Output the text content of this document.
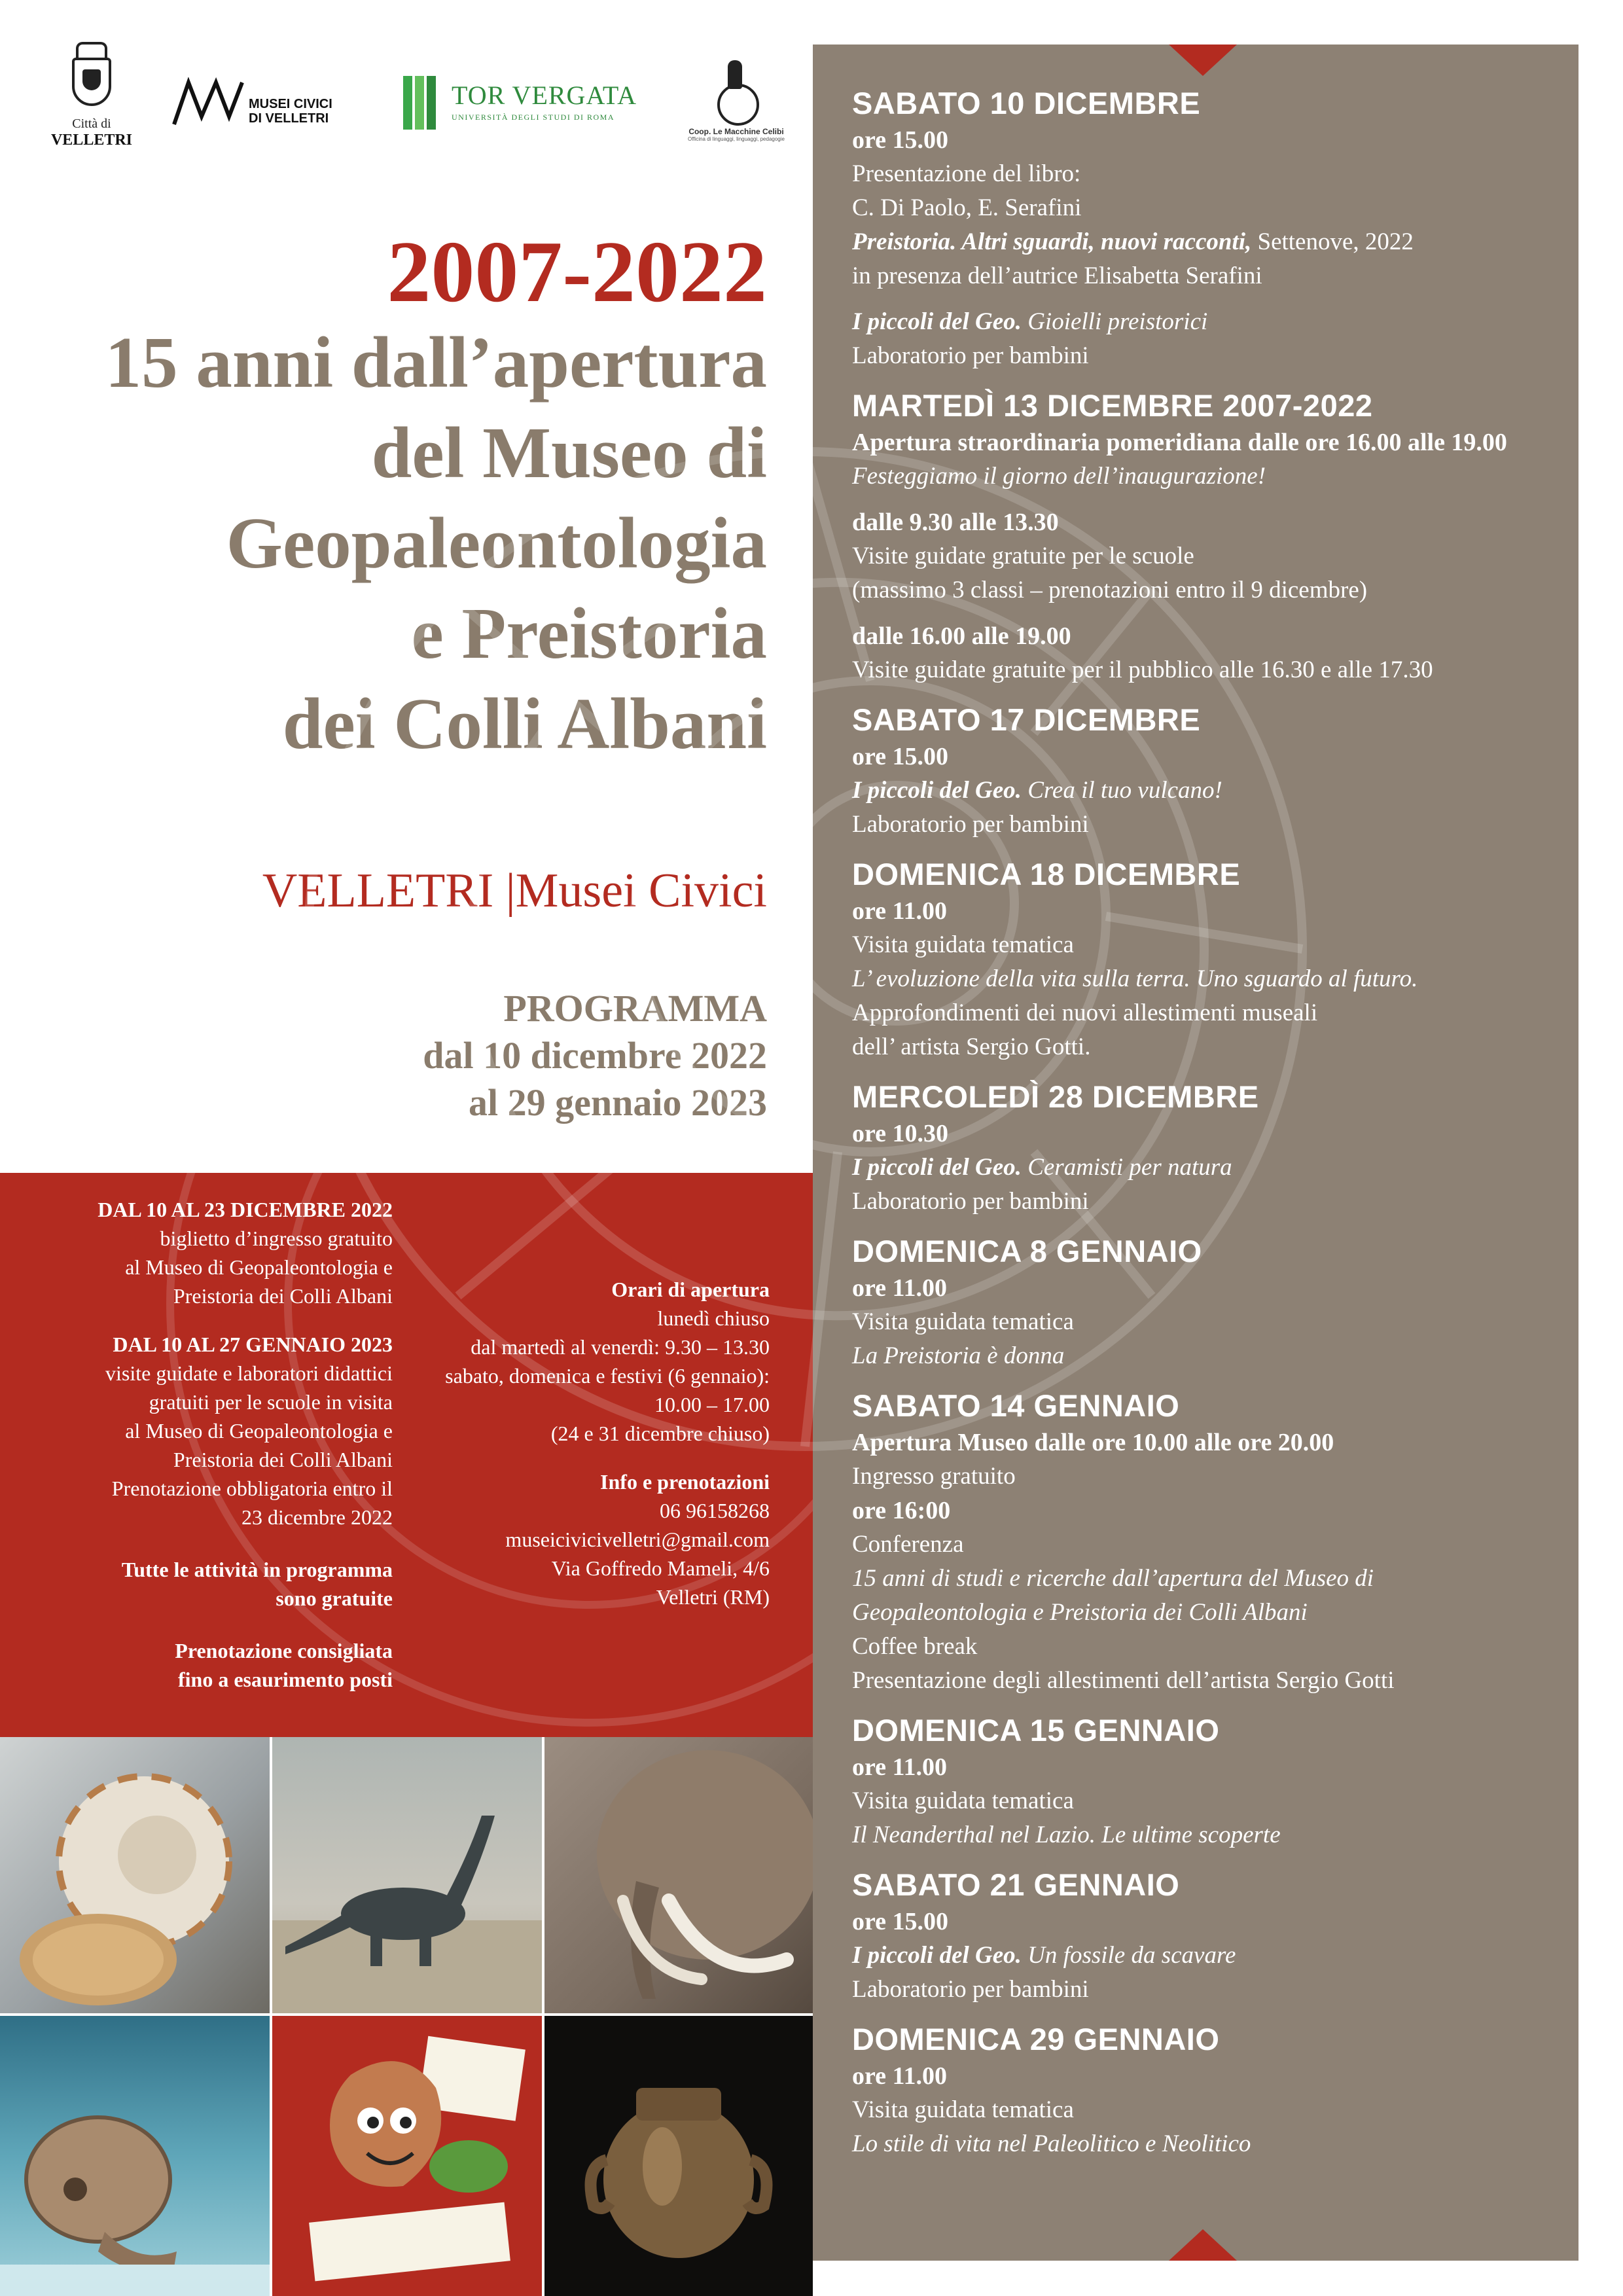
Città di
VELLETRI
MUSEI CIVICI
DI VELLETRI
TOR VERGATA
UNIVERSITÀ DEGLI STUDI DI ROMA
Coop. Le Macchine Celibi
Officina di linguaggi, linguaggi, pedagogie
2007-2022
15 anni dall’apertura
del Museo di
Geopaleontologia
e Preistoria
dei Colli Albani
VELLETRI |Musei Civici
PROGRAMMA
dal 10 dicembre 2022
al 29 gennaio 2023
SABATO 10 DICEMBRE
ore 15.00
Presentazione del libro:
C. Di Paolo, E. Serafini
Preistoria. Altri sguardi, nuovi racconti, Settenove, 2022
in presenza dell’autrice Elisabetta Serafini
I piccoli del Geo. Gioielli preistorici
Laboratorio per bambini
MARTEDÌ 13 DICEMBRE 2007-2022
Apertura straordinaria pomeridiana dalle ore 16.00 alle 19.00
Festeggiamo il giorno dell’inaugurazione!
dalle 9.30 alle 13.30
Visite guidate gratuite per le scuole
(massimo 3 classi – prenotazioni entro il 9 dicembre)
dalle 16.00 alle 19.00
Visite guidate gratuite per il pubblico alle 16.30 e alle 17.30
SABATO 17 DICEMBRE
ore 15.00
I piccoli del Geo. Crea il tuo vulcano!
Laboratorio per bambini
DOMENICA 18 DICEMBRE
ore 11.00
Visita guidata tematica
L’ evoluzione della vita sulla terra. Uno sguardo al futuro.
Approfondimenti dei nuovi allestimenti museali
dell’ artista Sergio Gotti.
MERCOLEDÌ 28 DICEMBRE
ore 10.30
I piccoli del Geo. Ceramisti per natura
Laboratorio per bambini
DOMENICA 8 GENNAIO
ore 11.00
Visita guidata tematica
La Preistoria è donna
SABATO 14 GENNAIO
Apertura Museo dalle ore 10.00 alle ore 20.00
Ingresso gratuito
ore 16:00
Conferenza
15 anni di studi e ricerche dall’apertura del Museo di
Geopaleontologia e Preistoria dei Colli Albani
Coffee break
Presentazione degli allestimenti dell’artista Sergio Gotti
DOMENICA 15 GENNAIO
ore 11.00
Visita guidata tematica
Il Neanderthal nel Lazio. Le ultime scoperte
SABATO 21 GENNAIO
ore 15.00
I piccoli del Geo. Un fossile da scavare
Laboratorio per bambini
DOMENICA 29 GENNAIO
ore 11.00
Visita guidata tematica
Lo stile di vita nel Paleolitico e Neolitico
DAL 10 AL 23 DICEMBRE 2022
biglietto d’ingresso gratuito
al Museo di Geopaleontologia e
Preistoria dei Colli Albani
DAL 10 AL 27 GENNAIO 2023
visite guidate e laboratori didattici
gratuiti per le scuole in visita
al Museo di Geopaleontologia e
Preistoria dei Colli Albani
Prenotazione obbligatoria entro il
23 dicembre 2022
Tutte le attività in programma
sono gratuite
Prenotazione consigliata
fino a esaurimento posti
Orari di apertura
lunedì chiuso
dal martedì al venerdì: 9.30 – 13.30
sabato, domenica e festivi (6 gennaio):
10.00 – 17.00
(24 e 31 dicembre chiuso)
Info e prenotazioni
06 96158268
museicivicivelletri@gmail.com
Via Goffredo Mameli, 4/6
Velletri (RM)
